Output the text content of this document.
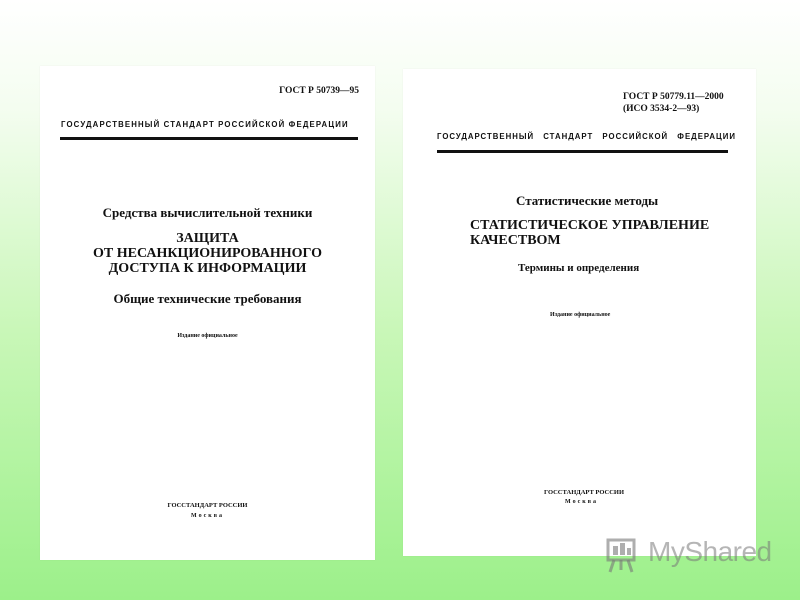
ГОСТ Р 50739—95
ГОСУДАРСТВЕННЫЙ СТАНДАРТ РОССИЙСКОЙ ФЕДЕРАЦИИ
Средства вычислительной техники
ЗАЩИТА
ОТ НЕСАНКЦИОНИРОВАННОГО
ДОСТУПА К ИНФОРМАЦИИ
Общие технические требования
Издание официальное
ГОССТАНДАРТ РОССИИ
Москва
ГОСТ Р 50779.11—2000
(ИСО 3534-2—93)
ГОСУДАРСТВЕННЫЙ СТАНДАРТ РОССИЙСКОЙ ФЕДЕРАЦИИ
Статистические методы
СТАТИСТИЧЕСКОЕ УПРАВЛЕНИЕ
КАЧЕСТВОМ
Термины и определения
Издание официальное
ГОССТАНДАРТ РОССИИ
Москва
MyShared
